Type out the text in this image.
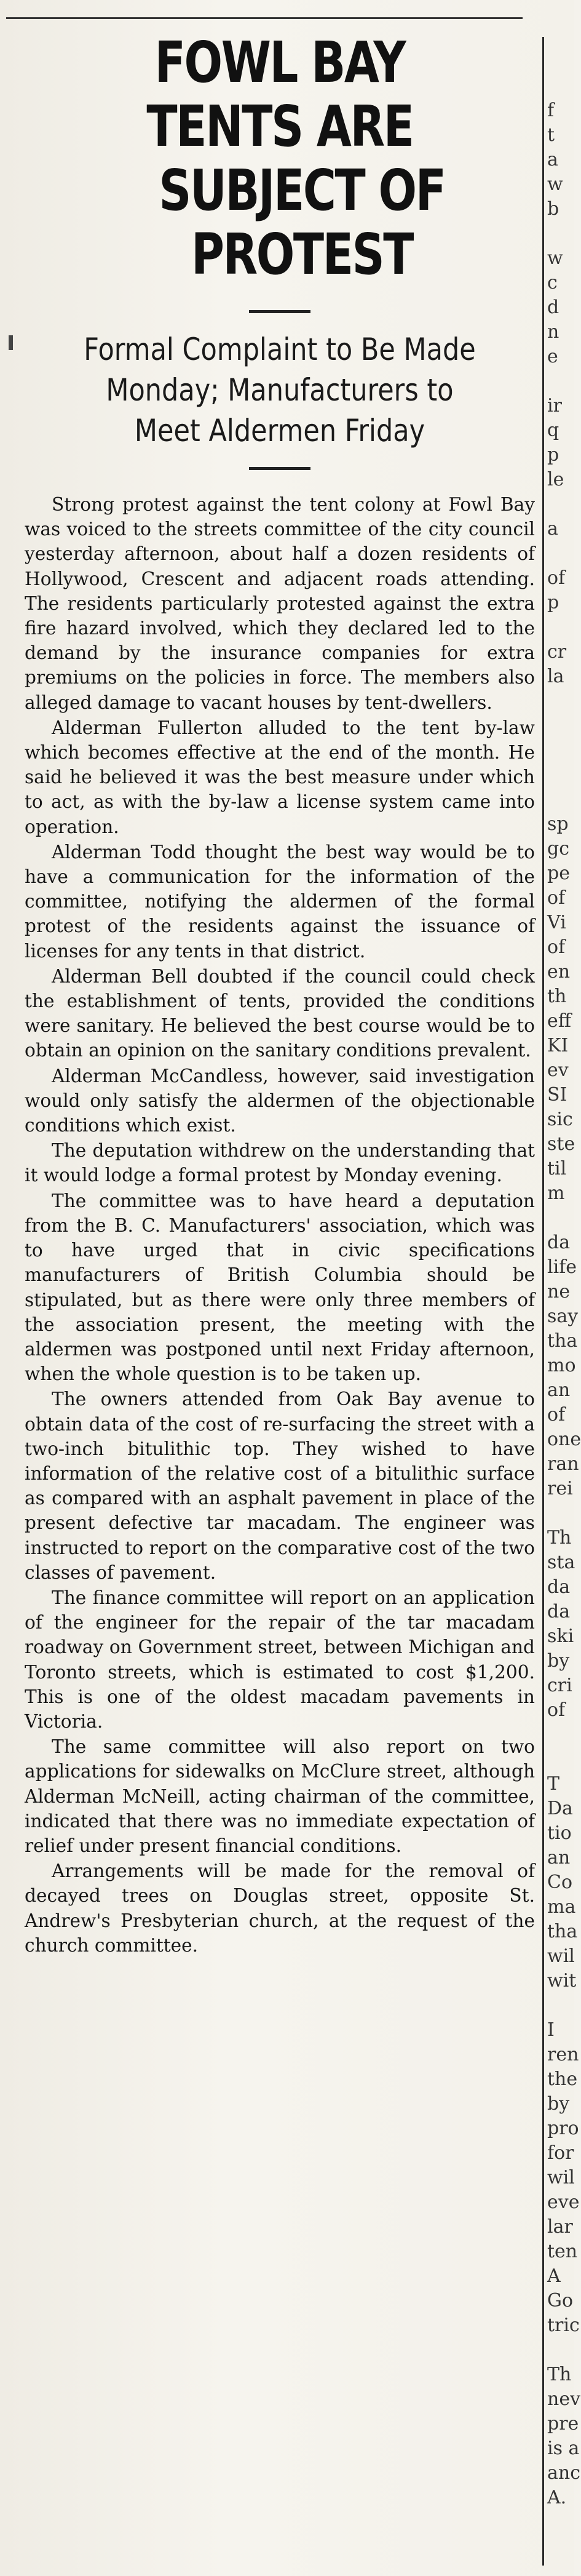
FOWL BAY TENTS ARE
SUBJECT OF PROTEST
Formal Complaint to Be Made
Monday; Manufacturers to
Meet Aldermen Friday

Strong protest against the tent colony at Fowl Bay was voiced to the streets committee of the city council yesterday afternoon, about half a dozen residents of Hollywood, Crescent and adjacent roads attending. The residents particularly protested against the extra fire hazard involved, which they declared led to the demand by the insurance companies for extra premiums on the policies in force. The members also alleged damage to vacant houses by tent-dwellers.

Alderman Fullerton alluded to the tent by-law which becomes effective at the end of the month. He said he believed it was the best measure under which to act, as with the by-law a license system came into operation.

Alderman Todd thought the best way would be to have a communication for the information of the committee, notifying the aldermen of the formal protest of the residents against the issuance of licenses for any tents in that district.

Alderman Bell doubted if the council could check the establishment of tents, provided the conditions were sanitary. He believed the best course would be to obtain an opinion on the sanitary conditions prevalent.

Alderman McCandless, however, said investigation would only satisfy the aldermen of the objectionable conditions which exist.

The deputation withdrew on the understanding that it would lodge a formal protest by Monday evening.

The committee was to have heard a deputation from the B. C. Manufacturers' association, which was to have urged that in civic specifications manufacturers of British Columbia should be stipulated, but as there were only three members of the association present, the meeting with the aldermen was postponed until next Friday afternoon, when the whole question is to be taken up.

The owners attended from Oak Bay avenue to obtain data of the cost of re-surfacing the street with a two-inch bitulithic top. They wished to have information of the relative cost of a bitulithic surface as compared with an asphalt pavement in place of the present defective tar macadam. The engineer was instructed to report on the comparative cost of the two classes of pavement.

The finance committee will report on an application of the engineer for the repair of the tar macadam roadway on Government street, between Michigan and Toronto streets, which is estimated to cost $1,200. This is one of the oldest macadam pavements in Victoria.

The same committee will also report on two applications for sidewalks on McClure street, although Alderman McNeill, acting chairman of the committee, indicated that there was no immediate expectation of relief under present financial conditions.

Arrangements will be made for the removal of decayed trees on Douglas street, opposite St. Andrew's Presbyterian church, at the request of the church committee.

f
t
a
w
b
w
c
d
n
e
ir
q
p
le
a
of
p
cr
la
sp
gc
pe
of
Vi
of
en
th
eff
KI
ev
SI
sic
ste
til
m
da
life
ne
say
tha
mo
an
of
one
ran
rei
Th
sta
da
da
ski
by
cri
of
T
Da
tio
an
Co
ma
tha
wil
wit
I
ren
the
by
pro
for
wil
eve
lar
ten
A
Go
tric
Th
nev
pre
is a
anc
A.
